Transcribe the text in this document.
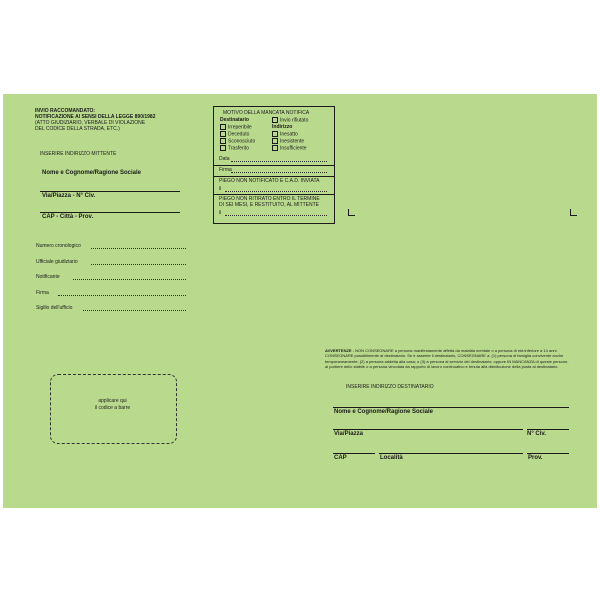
INVIO RACCOMANDATO:
NOTIFICAZIONE AI SENSI DELLA LEGGE 890/1982
(ATTO GIUDIZIARIO, VERBALE DI VIOLAZIONE
DEL CODICE DELLA STRADA, ETC.)
INSERIRE INDIRIZZO MITTENTE
Nome e Cognome/Ragione Sociale
Via/Piazza - N° Civ.
CAP - Città - Prov.
Numero cronologico
Ufficiale giudiziario
Notificante
Firma
Sigillo dell'ufficio
applicare qui
il codice a barre
MOTIVO DELLA MANCATA NOTIFICA
Destinatario
Irreperibile
Deceduto
Sconosciuto
Trasferito
Invio rifiutato
Indirizzo
Inesatto
Inesistente
Insufficiente
Data
Firma
PIEGO NON NOTIFICATO E C.A.D. INVIATA
il
PIEGO NON RITIRATO ENTRO IL TERMINE
DI SEI MESI, E RESTITUITO, AL MITTENTE
il
AVVERTENZE - NON CONSEGNARE a persona manifestamente affetta da malattia mentale o a persona di età inferiore a 14 anni. CONSEGNARE possibilmente al destinatario. Se è assente il destinatario, CONSEGNARE a: (1) persona di famiglia convivente anche temporaneamente; (2) a persona addetta alla casa; o (3) a persona al servizio del destinatario; oppure IN MANCANZA di queste persone, al portiere dello stabile o a persona vincolata da rapporto di lavoro continuativo e tenuta alla distribuzione della posta al destinatario.
INSERIRE INDIRIZZO DESTINATARIO
Nome e Cognome/Ragione Sociale
Via/Piazza	N° Civ.
CAP	Località	Prov.
